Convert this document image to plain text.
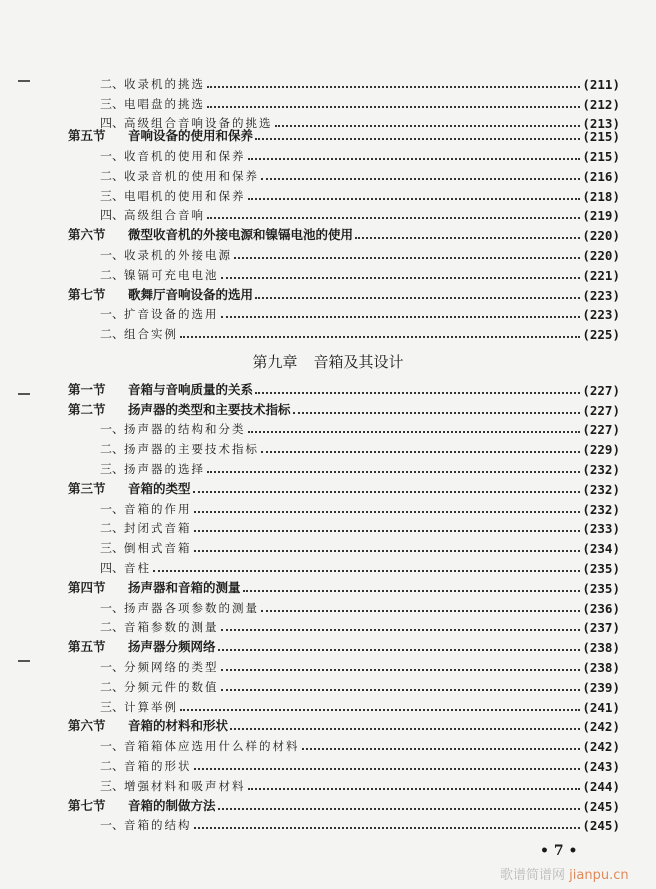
二、 收录机的挑选	(211)
三、 电唱盘的挑选	(212)
四、 高级组合音响设备的挑选	(213)
第五节	音响设备的使用和保养	(215)
一、 收音机的使用和保养	(215)
二、 收录音机的使用和保养	(216)
三、 电唱机的使用和保养	(218)
四、 高级组合音响	(219)
第六节	微型收音机的外接电源和镍镉电池的使用	(220)
一、 收录机的外接电源	(220)
二、 镍镉可充电电池	(221)
第七节	歌舞厅音响设备的选用	(223)
一、 扩音设备的选用	(223)
二、 组合实例	(225)
第九章 音箱及其设计
第一节	音箱与音响质量的关系	(227)
第二节	扬声器的类型和主要技术指标	(227)
一、 扬声器的结构和分类	(227)
二、 扬声器的主要技术指标	(229)
三、 扬声器的选择	(232)
第三节	音箱的类型	(232)
一、 音箱的作用	(232)
二、 封闭式音箱	(233)
三、 倒相式音箱	(234)
四、 音柱	(235)
第四节	扬声器和音箱的测量	(235)
一、 扬声器各项参数的测量	(236)
二、 音箱参数的测量	(237)
第五节	扬声器分频网络	(238)
一、 分频网络的类型	(238)
二、 分频元件的数值	(239)
三、 计算举例	(241)
第六节	音箱的材料和形状	(242)
一、 音箱箱体应选用什么样的材料	(242)
二、 音箱的形状	(243)
三、 增强材料和吸声材料	(244)
第七节	音箱的制做方法	(245)
一、 音箱的结构	(245)
• 7 •
歌谱简谱网 jianpu.cn
